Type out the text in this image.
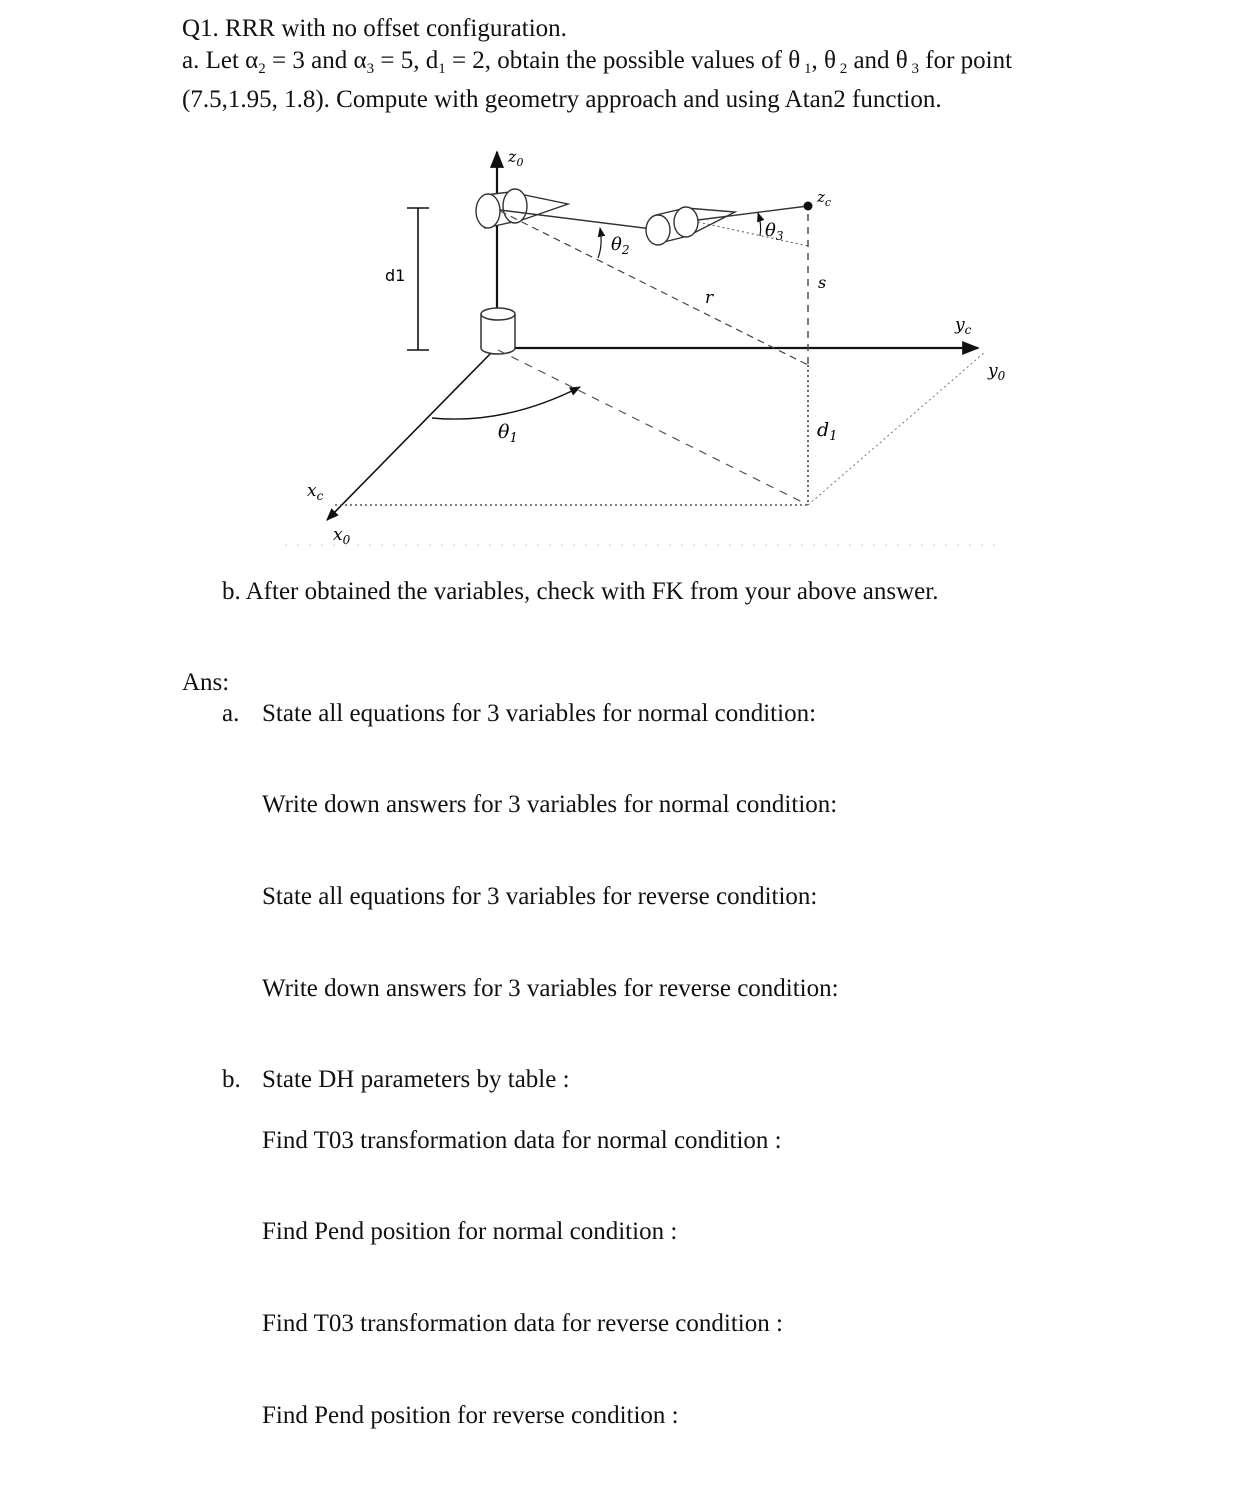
Q1. RRR with no offset configuration.
a. Let $\alpha_2 = 3$ and $\alpha_3 = 5$, $d_1 = 2$, obtain the possible values of θ $_1$, θ $_2$ and θ $_3$ for point
(7.5,1.95, 1.8). Compute with geometry approach and using Atan2 function.
$z_0$
$z_c$
$y_c$
$y_0$
$x_c$
$x_0$
$\theta_1$
$\theta_2$
$\theta_3$
d1
$d_1$
r
s
b. After obtained the variables, check with FK from your above answer.
Ans:
a. State all equations for 3 variables for normal condition:
Write down answers for 3 variables for normal condition:
State all equations for 3 variables for reverse condition:
Write down answers for 3 variables for reverse condition:
b. State DH parameters by table :
Find T03 transformation data for normal condition :
Find Pend position for normal condition :
Find T03 transformation data for reverse condition :
Find Pend position for reverse condition :
